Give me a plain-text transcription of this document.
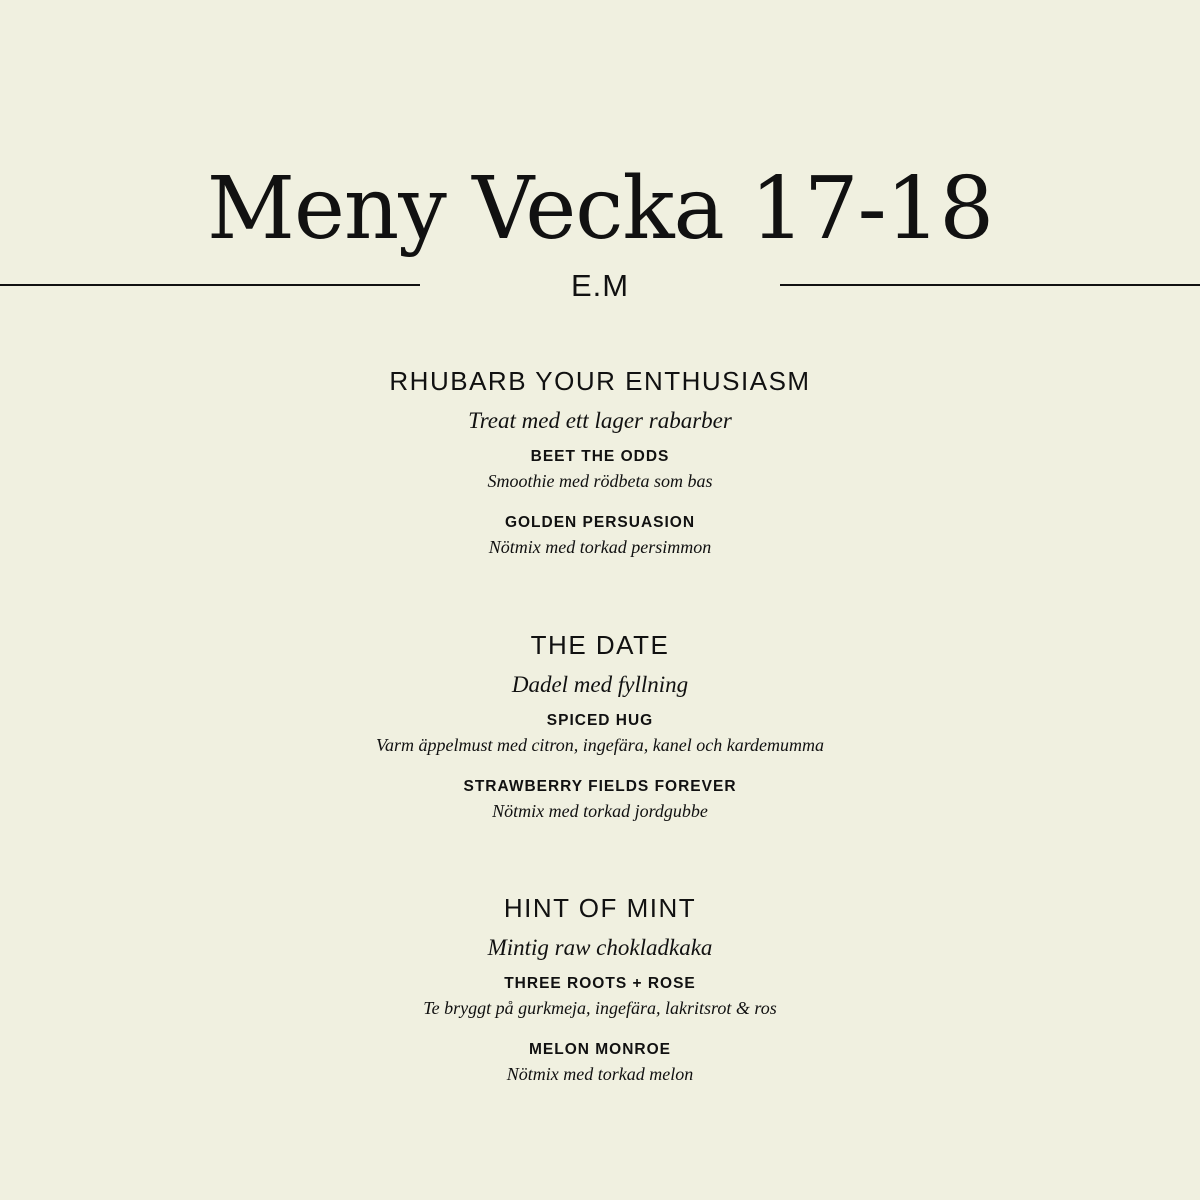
Meny Vecka 17-18
E.M
RHUBARB YOUR ENTHUSIASM
Treat med ett lager rabarber
BEET THE ODDS
Smoothie med rödbeta som bas
GOLDEN PERSUASION
Nötmix med torkad persimmon
THE DATE
Dadel med fyllning
SPICED HUG
Varm äppelmust med citron, ingefära, kanel och kardemumma
STRAWBERRY FIELDS FOREVER
Nötmix med torkad jordgubbe
HINT OF MINT
Mintig raw chokladkaka
THREE ROOTS + ROSE
Te bryggt på gurkmeja, ingefära, lakritsrot & ros
MELON MONROE
Nötmix med torkad melon
